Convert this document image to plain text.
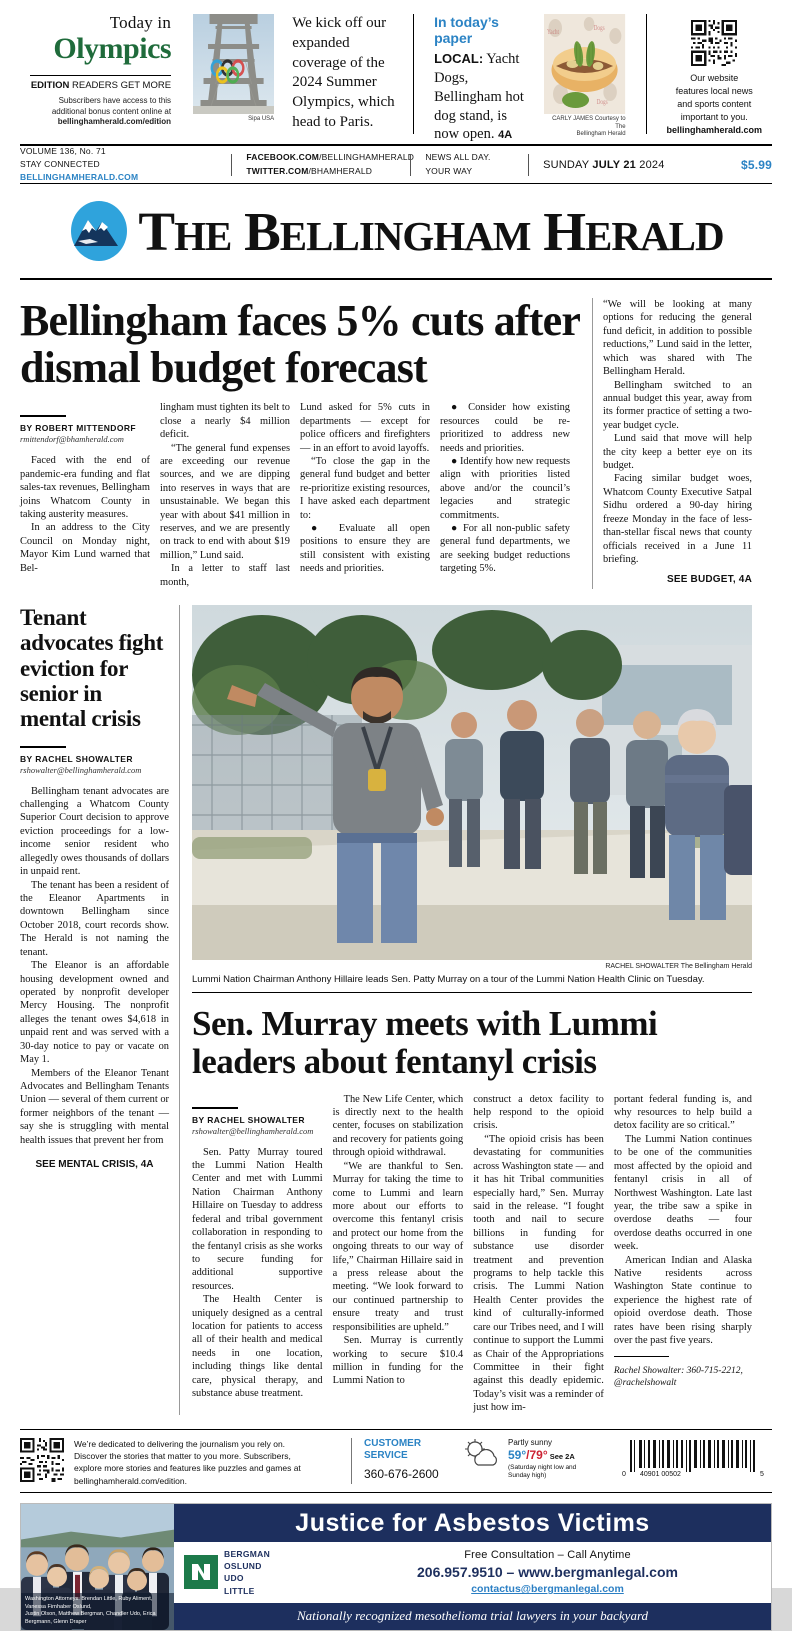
Today in
Olympics
EDITION READERS GET MORE
Subscribers have access to this
additional bonus content online at
bellinghamherald.com/edition	Sipa USA
We kick off our expanded coverage of the 2024 Summer Olympics, which head to Paris.
In today’s paper
LOCAL: Yacht Dogs, Bellingham hot dog stand, is now open. 4A
Yacht
Dogs
Dogs
CARLY JAMES Courtesy to The
Bellingham Herald
Our website
features local news
and sports content
important to you.
bellinghamherald.com
VOLUME 136, No. 71
STAY CONNECTED BELLINGHAMHERALD.COM
FACEBOOK.COM/BELLINGHAMHERALD
TWITTER.COM/BHAMHERALD
NEWS ALL DAY.
YOUR WAY	SUNDAY JULY 21 2024	$5.99
THE BELLINGHAM HERALD
Bellingham faces 5% cuts after dismal budget forecast
BY ROBERT MITTENDORF
rmittendorf@bhamherald.com

Faced with the end of pandemic-era funding and flat sales-tax revenues, Bellingham joins Whatcom County in taking austerity measures.

In an address to the City Council on Monday night, Mayor Kim Lund warned that Bel-

lingham must tighten its belt to close a nearly $4 million deficit.

“The general fund expenses are exceeding our revenue sources, and we are dipping into reserves in ways that are unsustainable. We began this year with about $41 million in reserves, and we are presently on track to end with about $19 million,” Lund said.

In a letter to staff last month,

Lund asked for 5% cuts in departments — except for police officers and firefighters — in an effort to avoid layoffs.

“To close the gap in the general fund budget and better re-prioritize existing resources, I have asked each department to:

● Evaluate all open positions to ensure they are still consistent with existing needs and priorities.

● Consider how existing resources could be re-prioritized to address new needs and priorities.

● Identify how new requests align with priorities listed above and/or the council’s legacies and strategic commitments.

● For all non-public safety general fund departments, we are seeking budget reductions targeting 5%.

“We will be looking at many options for reducing the general fund deficit, in addition to possible reductions,” Lund said in the letter, which was shared with The Bellingham Herald.

Bellingham switched to an annual budget this year, away from its former practice of setting a two-year budget cycle.

Lund said that move will help the city keep a better eye on its budget.

Facing similar budget woes, Whatcom County Executive Satpal Sidhu ordered a 90-day hiring freeze Monday in the face of less-than-stellar fiscal news that county officials received in a June 11 briefing.

SEE BUDGET, 4A
Tenant advocates fight eviction for senior in mental crisis
BY RACHEL SHOWALTER
rshowalter@bellinghamherald.com

Bellingham tenant advocates are challenging a Whatcom County Superior Court decision to approve eviction proceedings for a low-income senior resident who allegedly owes thousands of dollars in unpaid rent.

The tenant has been a resident of the Eleanor Apartments in downtown Bellingham since October 2018, court records show. The Herald is not naming the tenant.

The Eleanor is an affordable housing development owned and operated by nonprofit developer Mercy Housing. The nonprofit alleges the tenant owes $4,618 in unpaid rent and was served with a 30-day notice to pay or vacate on May 1.

Members of the Eleanor Tenant Advocates and Bellingham Tenants Union — several of them current or former neighbors of the tenant — say she is struggling with mental health issues that prevent her from

SEE MENTAL CRISIS, 4A
RACHEL SHOWALTER The Bellingham Herald
Lummi Nation Chairman Anthony Hillaire leads Sen. Patty Murray on a tour of the Lummi Nation Health Clinic on Tuesday.
Sen. Murray meets with Lummi leaders about fentanyl crisis
BY RACHEL SHOWALTER
rshowalter@bellinghamherald.com

Sen. Patty Murray toured the Lummi Nation Health Center and met with Lummi Nation Chairman Anthony Hillaire on Tuesday to address federal and tribal government collaboration in responding to the fentanyl crisis as she works to secure funding for additional supportive resources.

The Health Center is uniquely designed as a central location for patients to access all of their health and medical needs in one location, including things like dental care, physical therapy, and substance abuse treatment.

The New Life Center, which is directly next to the health center, focuses on stabilization and recovery for patients going through opioid withdrawal.

“We are thankful to Sen. Murray for taking the time to come to Lummi and learn more about our efforts to overcome this fentanyl crisis and protect our home from the ongoing threats to our way of life,” Chairman Hillaire said in a press release about the meeting. “We look forward to our continued partnership to ensure treaty and trust responsibilities are upheld.”

Sen. Murray is currently working to secure $10.4 million in funding for the Lummi Nation to

construct a detox facility to help respond to the opioid crisis.

“The opioid crisis has been devastating for communities across Washington state — and it has hit Tribal communities especially hard,” Sen. Murray said in the release. “I fought tooth and nail to secure billions in funding for substance use disorder treatment and prevention programs to help tackle this crisis. The Lummi Nation Health Center provides the kind of culturally-informed care our Tribes need, and I will continue to support the Lummi as Chair of the Appropriations Committee in their fight against this deadly epidemic. Today’s visit was a reminder of just how im-

portant federal funding is, and why resources to help build a detox facility are so critical.”

The Lummi Nation continues to be one of the communities most affected by the opioid and fentanyl crisis in all of Northwest Washington. Late last year, the tribe saw a spike in overdose deaths — four overdose deaths occurred in one week.

American Indian and Alaska Native residents across Washington State continue to experience the highest rate of opioid overdose death. Those rates have been rising sharply over the past five years.

Rachel Showalter: 360-715-2212,
@rachelshowalt
We’re dedicated to delivering the journalism you rely on.
Discover the stories that matter to you more. Subscribers,
explore more stories and features like puzzles and games at
bellinghamherald.com/edition.
CUSTOMER
SERVICE
360-676-2600
Partly sunny
59°/79° See 2A
(Saturday night low and
Sunday high)	0 40901 00502	5
Washington Attorneys: Brendan Little, Ruby Aliment, Vanessa Firnhaber Oslund,
Justin Olson, Matthew Bergman, Chandler Udo, Erica Bergmann, Glenn Draper
Justice for Asbestos Victims
BERGMAN
OSLUND
UDO
LITTLE
Free Consultation – Call Anytime
206.957.9510 – www.bergmanlegal.com
contactus@bergmanlegal.com
Nationally recognized mesothelioma trial lawyers in your backyard
